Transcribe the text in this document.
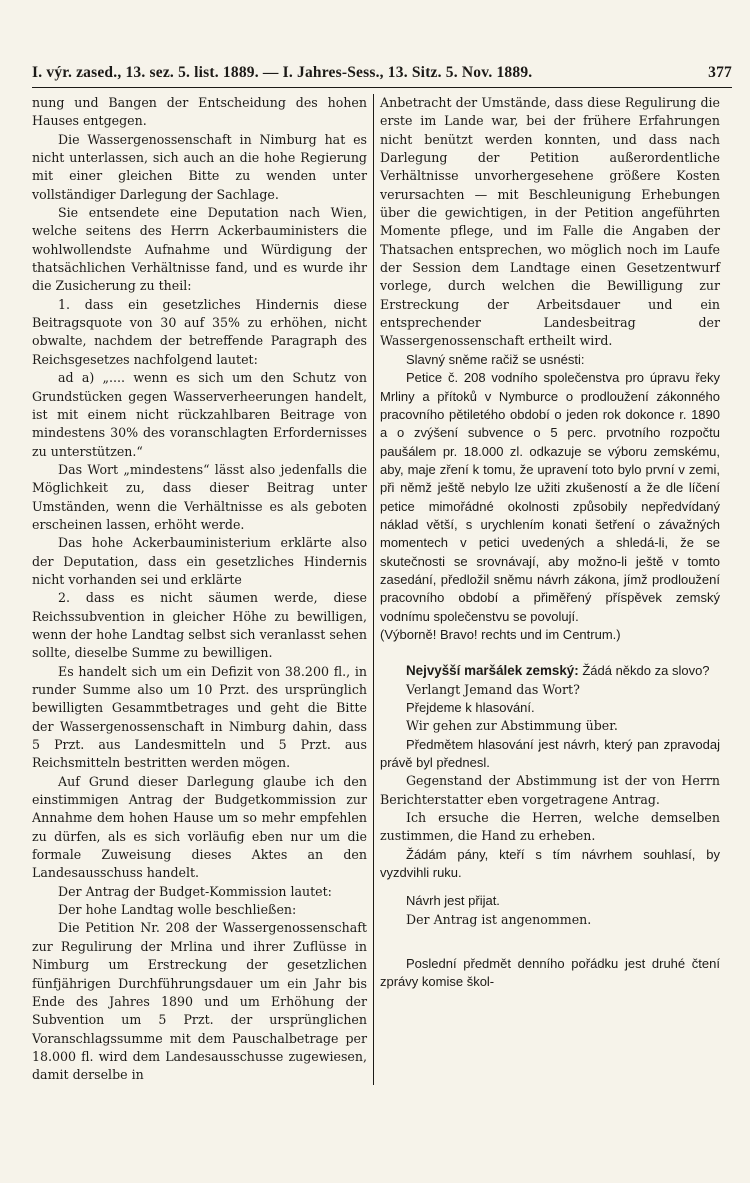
I. výr. zased., 13. sez. 5. list. 1889. — I. Jahres-Sess., 13. Sitz. 5. Nov. 1889.	377

nung und Bangen der Entscheidung des hohen Hauses entgegen.

Die Wassergenossenschaft in Nimburg hat es nicht unterlassen, sich auch an die hohe Regierung mit einer gleichen Bitte zu wenden unter vollständiger Darlegung der Sachlage.

Sie entsendete eine Deputation nach Wien, welche seitens des Herrn Ackerbauministers die wohlwollendste Aufnahme und Würdigung der thatsächlichen Verhältnisse fand, und es wurde ihr die Zusicherung zu theil:

1. dass ein gesetzliches Hindernis diese Beitragsquote von 30 auf 35% zu erhöhen, nicht obwalte, nachdem der betreffende Paragraph des Reichsgesetzes nachfolgend lautet:

ad a) „.... wenn es sich um den Schutz von Grundstücken gegen Wasserverheerungen handelt, ist mit einem nicht rückzahlbaren Beitrage von mindestens 30% des voranschlagten Erfordernisses zu unterstützen.“

Das Wort „mindestens“ lässt also jedenfalls die Möglichkeit zu, dass dieser Beitrag unter Umständen, wenn die Verhältnisse es als geboten erscheinen lassen, erhöht werde.

Das hohe Ackerbauministerium erklärte also der Deputation, dass ein gesetzliches Hindernis nicht vorhanden sei und erklärte

2. dass es nicht säumen werde, diese Reichssubvention in gleicher Höhe zu bewilligen, wenn der hohe Landtag selbst sich veranlasst sehen sollte, dieselbe Summe zu bewilligen.

Es handelt sich um ein Defizit von 38.200 fl., in runder Summe also um 10 Przt. des ursprünglich bewilligten Gesammtbetrages und geht die Bitte der Wassergenossenschaft in Nimburg dahin, dass 5 Przt. aus Landesmitteln und 5 Przt. aus Reichsmitteln bestritten werden mögen.

Auf Grund dieser Darlegung glaube ich den einstimmigen Antrag der Budgetkommission zur Annahme dem hohen Hause um so mehr empfehlen zu dürfen, als es sich vorläufig eben nur um die formale Zuweisung dieses Aktes an den Landesausschuss handelt.

Der Antrag der Budget-Kommission lautet:

Der hohe Landtag wolle beschließen:

Die Petition Nr. 208 der Wassergenossenschaft zur Regulirung der Mrlina und ihrer Zuflüsse in Nimburg um Erstreckung der gesetzlichen fünfjährigen Durchführungsdauer um ein Jahr bis Ende des Jahres 1890 und um Erhöhung der Subvention um 5 Przt. der ursprünglichen Voranschlagssumme mit dem Pauschalbetrage per 18.000 fl. wird dem Landesausschusse zugewiesen, damit derselbe in

Anbetracht der Umstände, dass diese Regulirung die erste im Lande war, bei der frühere Erfahrungen nicht benützt werden konnten, und dass nach Darlegung der Petition außerordentliche Verhältnisse unvorhergesehene größere Kosten verursachten — mit Beschleunigung Erhebungen über die gewichtigen, in der Petition angeführten Momente pflege, und im Falle die Angaben der Thatsachen entsprechen, wo möglich noch im Laufe der Session dem Landtage einen Gesetzentwurf vorlege, durch welchen die Bewilligung zur Erstreckung der Arbeitsdauer und ein entsprechender Landesbeitrag der Wassergenossenschaft ertheilt wird.

Slavný sněme račiž se usnésti:

Petice č. 208 vodního společenstva pro úpravu řeky Mrliny a přítoků v Nymburce o prodloužení zákonného pracovního pětiletého období o jeden rok dokonce r. 1890 a o zvýšení subvence o 5 perc. prvotního rozpočtu paušálem pr. 18.000 zl. odkazuje se výboru zemskému, aby, maje zření k tomu, že upravení toto bylo první v zemi, při němž ještě nebylo lze užiti zkušeností a že dle líčení petice mimořádné okolnosti způsobily nepředvídaný náklad větší, s urychlením konati šetření o závažných momentech v petici uvedených a shledá-li, že se skutečnosti se srovnávají, aby možno-li ještě v tomto zasedání, předložil sněmu návrh zákona, jímž prodloužení pracovního období a přiměřený příspěvek zemský vodnímu společenstvu se povolují.

(Výborně! Bravo! rechts und im Centrum.)

Nejvyšší maršálek zemský: Žádá někdo za slovo?

Verlangt Jemand das Wort?

Přejdeme k hlasování.

Wir gehen zur Abstimmung über.

Předmětem hlasování jest návrh, který pan zpravodaj právě byl přednesl.

Gegenstand der Abstimmung ist der von Herrn Berichterstatter eben vorgetragene Antrag.

Ich ersuche die Herren, welche demselben zustimmen, die Hand zu erheben.

Žádám pány, kteří s tím návrhem souhlasí, by vyzdvihli ruku.

Návrh jest přijat.

Der Antrag ist angenommen.

Poslední předmět denního pořádku jest druhé čtení zprávy komise škol-
